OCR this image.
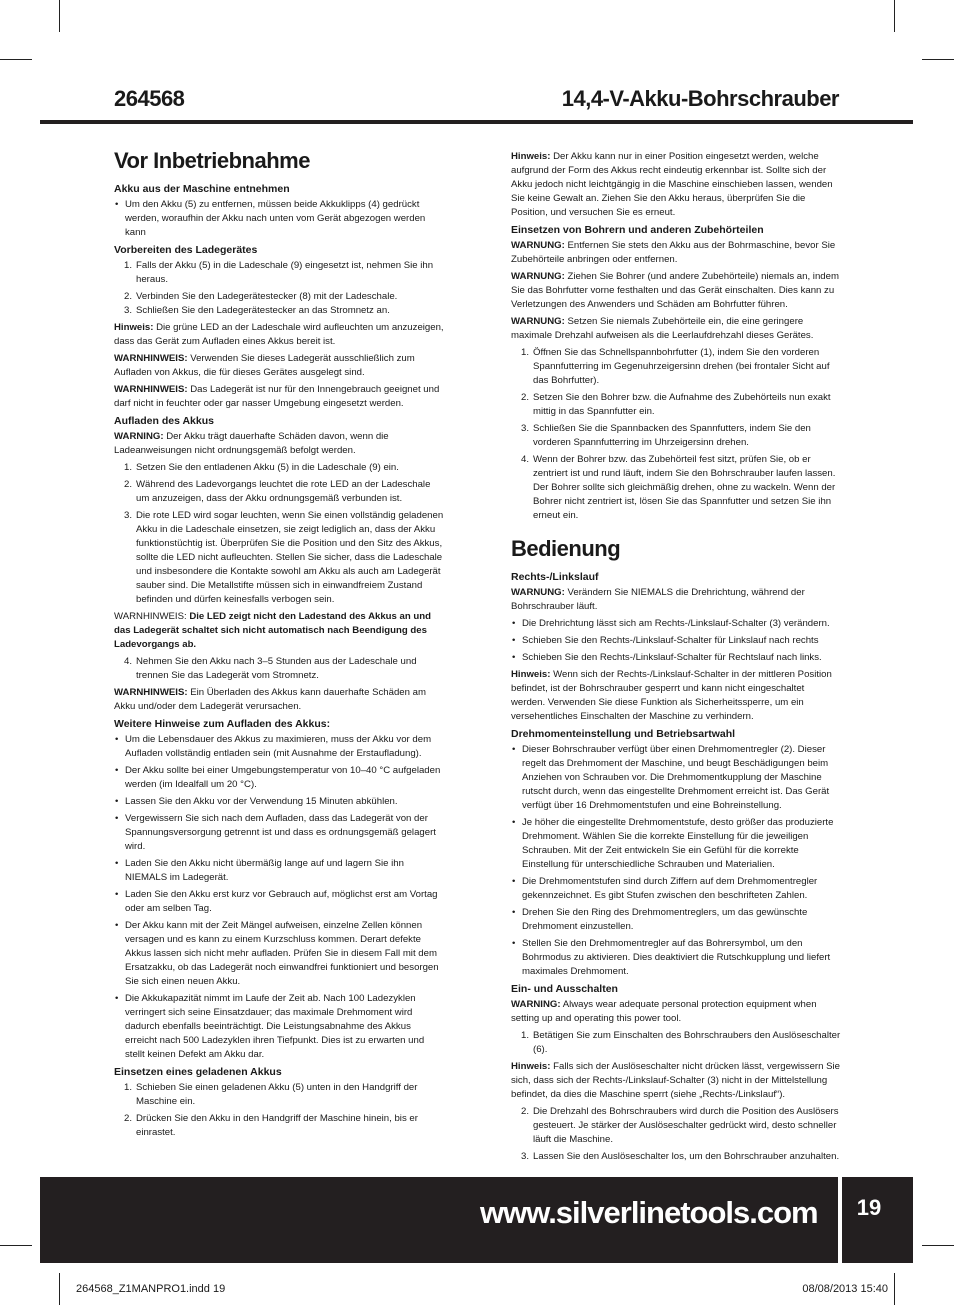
264568	14,4-V-Akku-Bohrschrauber
Vor Inbetriebnahme
Akku aus der Maschine entnehmen
• Um den Akku (5) zu entfernen, müssen beide Akkuklipps (4) gedrückt werden, woraufhin der Akku nach unten vom Gerät abgezogen werden kann
Vorbereiten des Ladegerätes
1. Falls der Akku (5) in die Ladeschale (9) eingesetzt ist, nehmen Sie ihn heraus.
2. Verbinden Sie den Ladegerätestecker (8) mit der Ladeschale.
3. Schließen Sie den Ladegerätestecker an das Stromnetz an.

Hinweis: Die grüne LED an der Ladeschale wird aufleuchten um anzuzeigen, dass das Gerät zum Aufladen eines Akkus bereit ist.

WARNHINWEIS: Verwenden Sie dieses Ladegerät ausschließlich zum Aufladen von Akkus, die für dieses Gerätes ausgelegt sind.

WARNHINWEIS: Das Ladegerät ist nur für den Innengebrauch geeignet und darf nicht in feuchter oder gar nasser Umgebung eingesetzt werden.

Aufladen des Akkus

WARNING: Der Akku trägt dauerhafte Schäden davon, wenn die Ladeanweisungen nicht ordnungsgemäß befolgt werden.

1. Setzen Sie den entladenen Akku (5) in die Ladeschale (9) ein.
2. Während des Ladevorgangs leuchtet die rote LED an der Ladeschale um anzuzeigen, dass der Akku ordnungsgemäß verbunden ist.
3. Die rote LED wird sogar leuchten, wenn Sie einen vollständig geladenen Akku in die Ladeschale einsetzen, sie zeigt lediglich an, dass der Akku funktionstüchtig ist. Überprüfen Sie die Position und den Sitz des Akkus, sollte die LED nicht aufleuchten. Stellen Sie sicher, dass die Ladeschale und insbesondere die Kontakte sowohl am Akku als auch am Ladegerät sauber sind. Die Metallstifte müssen sich in einwandfreiem Zustand befinden und dürfen keinesfalls verbogen sein.

WARNHINWEIS: Die LED zeigt nicht den Ladestand des Akkus an und das Ladegerät schaltet sich nicht automatisch nach Beendigung des Ladevorgangs ab.

4. Nehmen Sie den Akku nach 3–5 Stunden aus der Ladeschale und trennen Sie das Ladegerät vom Stromnetz.

WARNHINWEIS: Ein Überladen des Akkus kann dauerhafte Schäden am Akku und/oder dem Ladegerät verursachen.

Weitere Hinweise zum Aufladen des Akkus:
• Um die Lebensdauer des Akkus zu maximieren, muss der Akku vor dem Aufladen vollständig entladen sein (mit Ausnahme der Erstaufladung).
• Der Akku sollte bei einer Umgebungstemperatur von 10–40 °C aufgeladen werden (im Idealfall um 20 °C).
• Lassen Sie den Akku vor der Verwendung 15 Minuten abkühlen.
• Vergewissern Sie sich nach dem Aufladen, dass das Ladegerät von der Spannungsversorgung getrennt ist und dass es ordnungsgemäß gelagert wird.
• Laden Sie den Akku nicht übermäßig lange auf und lagern Sie ihn NIEMALS im Ladegerät.
• Laden Sie den Akku erst kurz vor Gebrauch auf, möglichst erst am Vortag oder am selben Tag.
• Der Akku kann mit der Zeit Mängel aufweisen, einzelne Zellen können versagen und es kann zu einem Kurzschluss kommen. Derart defekte Akkus lassen sich nicht mehr aufladen. Prüfen Sie in diesem Fall mit dem Ersatzakku, ob das Ladegerät noch einwandfrei funktioniert und besorgen Sie sich einen neuen Akku.
• Die Akkukapazität nimmt im Laufe der Zeit ab. Nach 100 Ladezyklen verringert sich seine Einsatzdauer; das maximale Drehmoment wird dadurch ebenfalls beeinträchtigt. Die Leistungsabnahme des Akkus erreicht nach 500 Ladezyklen ihren Tiefpunkt. Dies ist zu erwarten und stellt keinen Defekt am Akku dar.
Einsetzen eines geladenen Akkus
1. Schieben Sie einen geladenen Akku (5) unten in den Handgriff der Maschine ein.
2. Drücken Sie den Akku in den Handgriff der Maschine hinein, bis er einrastet.

Hinweis: Der Akku kann nur in einer Position eingesetzt werden, welche aufgrund der Form des Akkus recht eindeutig erkennbar ist. Sollte sich der Akku jedoch nicht leichtgängig in die Maschine einschieben lassen, wenden Sie keine Gewalt an. Ziehen Sie den Akku heraus, überprüfen Sie die Position, und versuchen Sie es erneut.

Einsetzen von Bohrern und anderen Zubehörteilen

WARNUNG: Entfernen Sie stets den Akku aus der Bohrmaschine, bevor Sie Zubehörteile anbringen oder entfernen.

WARNUNG: Ziehen Sie Bohrer (und andere Zubehörteile) niemals an, indem Sie das Bohrfutter vorne festhalten und das Gerät einschalten. Dies kann zu Verletzungen des Anwenders und Schäden am Bohrfutter führen.

WARNUNG: Setzen Sie niemals Zubehörteile ein, die eine geringere maximale Drehzahl aufweisen als die Leerlaufdrehzahl dieses Gerätes.

1. Öffnen Sie das Schnellspannbohrfutter (1), indem Sie den vorderen Spannfutterring im Gegenuhrzeigersinn drehen (bei frontaler Sicht auf das Bohrfutter).
2. Setzen Sie den Bohrer bzw. die Aufnahme des Zubehörteils nun exakt mittig in das Spannfutter ein.
3. Schließen Sie die Spannbacken des Spannfutters, indem Sie den vorderen Spannfutterring im Uhrzeigersinn drehen.
4. Wenn der Bohrer bzw. das Zubehörteil fest sitzt, prüfen Sie, ob er zentriert ist und rund läuft, indem Sie den Bohrschrauber laufen lassen. Der Bohrer sollte sich gleichmäßig drehen, ohne zu wackeln. Wenn der Bohrer nicht zentriert ist, lösen Sie das Spannfutter und setzen Sie ihn erneut ein.
Bedienung
Rechts-/Linkslauf

WARNUNG: Verändern Sie NIEMALS die Drehrichtung, während der Bohrschrauber läuft.

• Die Drehrichtung lässt sich am Rechts-/Linkslauf-Schalter (3) verändern.
• Schieben Sie den Rechts-/Linkslauf-Schalter für Linkslauf nach rechts
• Schieben Sie den Rechts-/Linkslauf-Schalter für Rechtslauf nach links.

Hinweis: Wenn sich der Rechts-/Linkslauf-Schalter in der mittleren Position befindet, ist der Bohrschrauber gesperrt und kann nicht eingeschaltet werden. Verwenden Sie diese Funktion als Sicherheitssperre, um ein versehentliches Einschalten der Maschine zu verhindern.

Drehmomenteinstellung und Betriebsartwahl
• Dieser Bohrschrauber verfügt über einen Drehmomentregler (2). Dieser regelt das Drehmoment der Maschine, und beugt Beschädigungen beim Anziehen von Schrauben vor. Die Drehmomentkupplung der Maschine rutscht durch, wenn das eingestellte Drehmoment erreicht ist. Das Gerät verfügt über 16 Drehmomentstufen und eine Bohreinstellung.
• Je höher die eingestellte Drehmomentstufe, desto größer das produzierte Drehmoment. Wählen Sie die korrekte Einstellung für die jeweiligen Schrauben. Mit der Zeit entwickeln Sie ein Gefühl für die korrekte Einstellung für unterschiedliche Schrauben und Materialien.
• Die Drehmomentstufen sind durch Ziffern auf dem Drehmomentregler gekennzeichnet. Es gibt Stufen zwischen den beschrifteten Zahlen.
• Drehen Sie den Ring des Drehmomentreglers, um das gewünschte Drehmoment einzustellen.
• Stellen Sie den Drehmomentregler auf das Bohrersymbol, um den Bohrmodus zu aktivieren. Dies deaktiviert die Rutschkupplung und liefert maximales Drehmoment.
Ein- und Ausschalten

WARNING: Always wear adequate personal protection equipment when setting up and operating this power tool.

1. Betätigen Sie zum Einschalten des Bohrschraubers den Auslöseschalter (6).

Hinweis: Falls sich der Auslöseschalter nicht drücken lässt, vergewissern Sie sich, dass sich der Rechts-/Linkslauf-Schalter (3) nicht in der Mittelstellung befindet, da dies die Maschine sperrt (siehe „Rechts-/Linkslauf“).

2. Die Drehzahl des Bohrschraubers wird durch die Position des Auslösers gesteuert. Je stärker der Auslöseschalter gedrückt wird, desto schneller läuft die Maschine.
3. Lassen Sie den Auslöseschalter los, um den Bohrschrauber anzuhalten.
www.silverlinetools.com	19
264568_Z1MANPRO1.indd 19	08/08/2013 15:40
